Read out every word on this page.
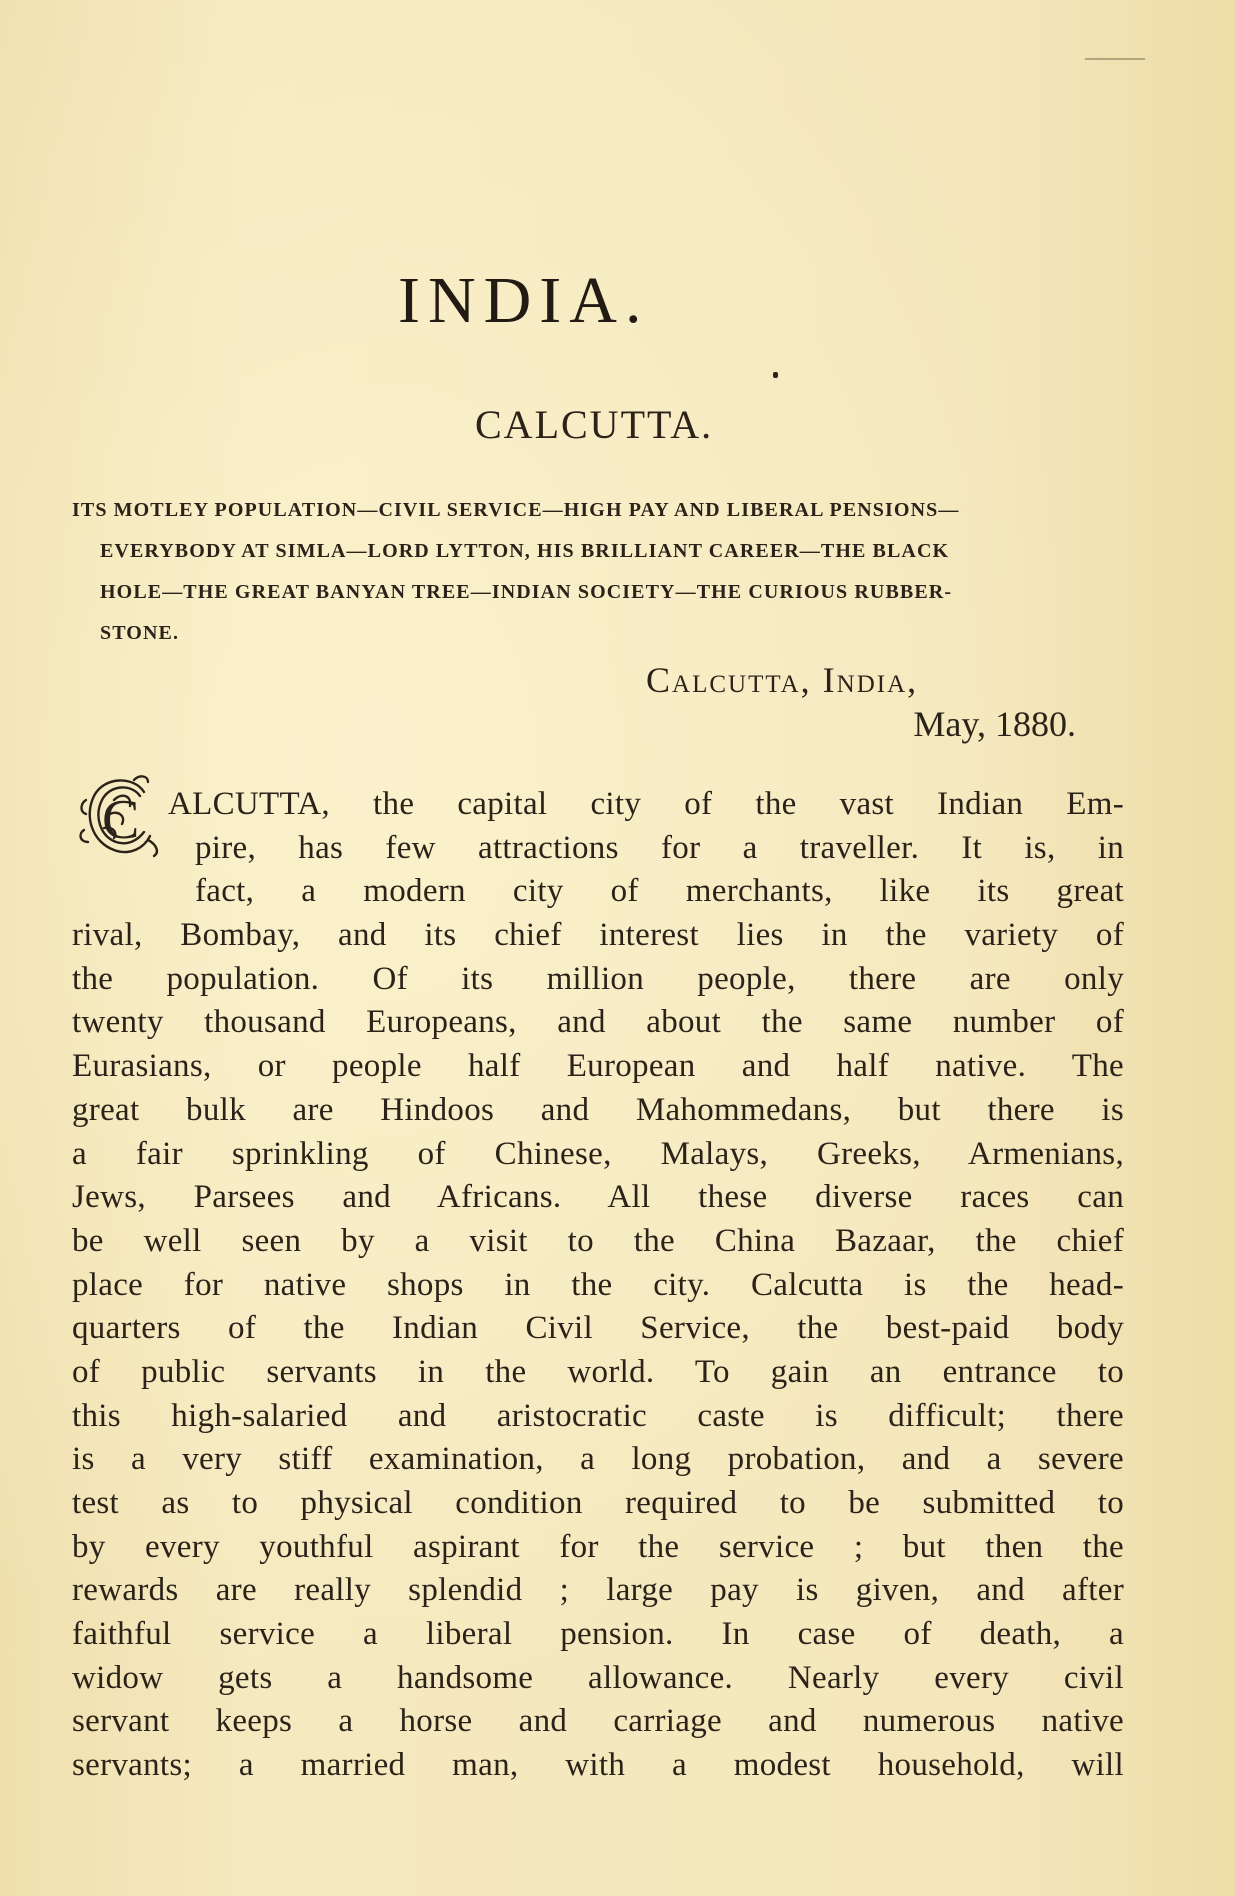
INDIA.
CALCUTTA.

ITS MOTLEY POPULATION—CIVIL SERVICE—HIGH PAY AND LIBERAL PENSIONS—
EVERYBODY AT SIMLA—LORD LYTTON, HIS BRILLIANT CAREER—THE BLACK
HOLE—THE GREAT BANYAN TREE—INDIAN SOCIETY—THE CURIOUS RUBBER-
STONE.

Calcutta, India,
May, 1880.
C ALCUTTA, the capital city of the vast Indian Em-
pire, has few attractions for a traveller. It is, in
fact, a modern city of merchants, like its great
rival, Bombay, and its chief interest lies in the variety of
the population. Of its million people, there are only
twenty thousand Europeans, and about the same number of
Eurasians, or people half European and half native. The
great bulk are Hindoos and Mahommedans, but there is
a fair sprinkling of Chinese, Malays, Greeks, Armenians,
Jews, Parsees and Africans. All these diverse races can
be well seen by a visit to the China Bazaar, the chief
place for native shops in the city. Calcutta is the head-
quarters of the Indian Civil Service, the best-paid body
of public servants in the world. To gain an entrance to
this high-salaried and aristocratic caste is difficult; there
is a very stiff examination, a long probation, and a severe
test as to physical condition required to be submitted to
by every youthful aspirant for the service ; but then the
rewards are really splendid ; large pay is given, and after
faithful service a liberal pension. In case of death, a
widow gets a handsome allowance. Nearly every civil
servant keeps a horse and carriage and numerous native
servants; a married man, with a modest household, will
